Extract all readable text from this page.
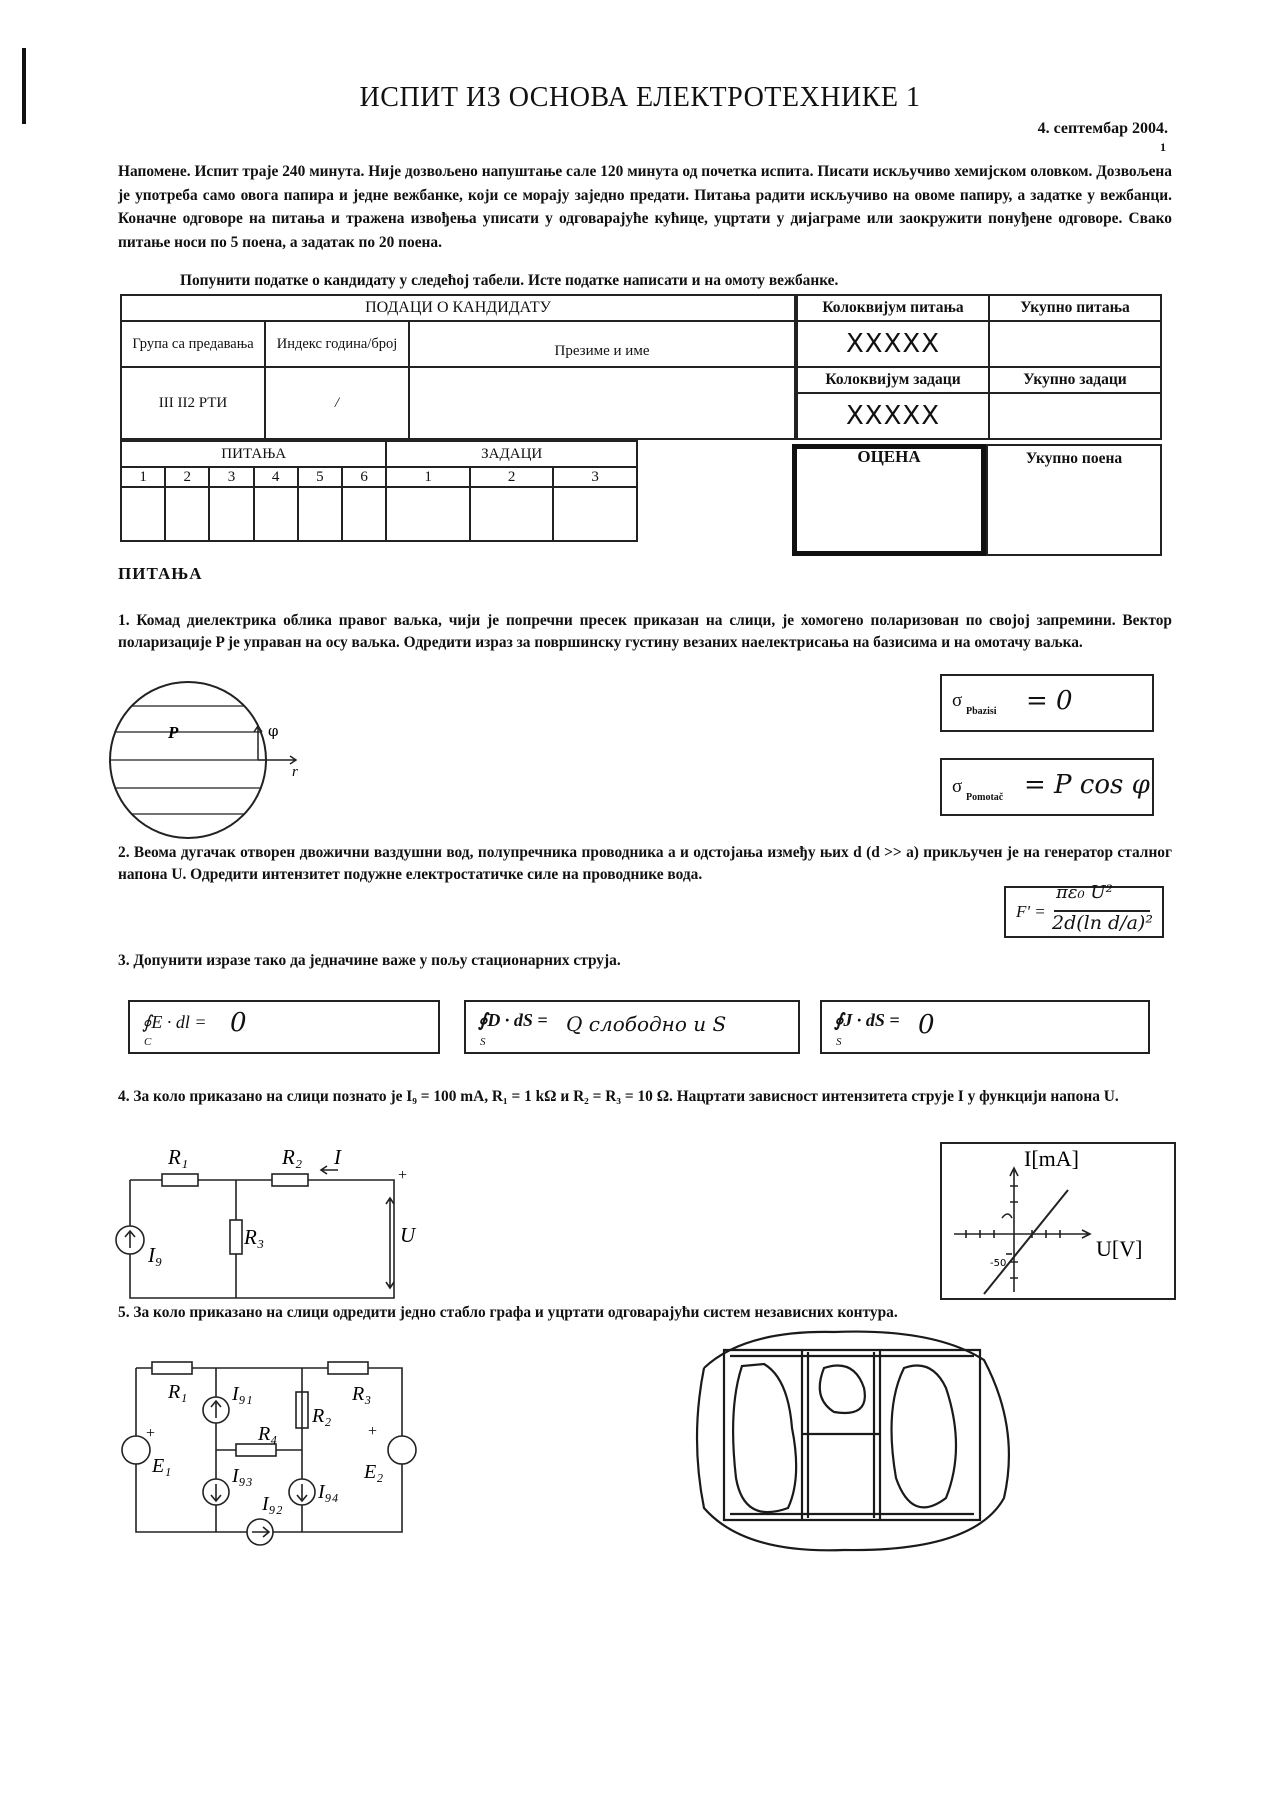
ИСПИТ ИЗ ОСНОВА ЕЛЕКТРОТЕХНИКЕ 1
4. септембар 2004.
1
Напомене. Испит траје 240 минута. Није дозвољено напуштање сале 120 минута од почетка испита. Писати искључиво хемијском оловком. Дозвољена је употреба само овога папира и једне вежбанке, који се морају заједно предати. Питања радити искључиво на овоме папиру, а задатке у вежбанци. Коначне одговоре на питања и тражена извођења уписати у одговарајуће кућице, уцртати у дијаграме или заокружити понуђене одговоре. Свако питање носи по 5 поена, а задатак по 20 поена.
Попунити податке о кандидату у следећој табели. Исте податке написати и на омоту вежбанке.
ПОДАЦИ О КАНДИДАТУ		
Група са предавања	Индекс година/број	Презиме и име
III II2 РТИ	/	
Колоквијум питања	Укупно питања
XXXXX	
Колоквијум задаци	Укупно задаци
XXXXX	
ПИТАЊА						ЗАДАЦИ		
1	2	3	4	5	6	1	2	3

ОЦЕНА	Укупно поена
ПИТАЊА
1. Комад диелектрика облика правог ваљка, чији је попречни пресек приказан на слици, је хомогено поларизован по својој запремини. Вектор поларизације P је управан на осу ваљка. Одредити израз за површинску густину везаних наелектрисања на базисима и на омотачу ваљка.
P	φ
r
σ
Pbazisi = 0
σ
Pomotač = P cos φ
2. Веома дугачак отворен двожични ваздушни вод, полупречника проводника a и одстојања између њих d (d >> a) прикључен је на генератор сталног напона U. Одредити интензитет подужне електростатичке силе на проводнике вода.
F' =
πε₀ U²
2d(ln d/a)²
3. Допунити изразе тако да једначине важе у пољу стационарних струја.
∮E · dl =
C
0	∮D · dS =
S
Q слободно u S	∮J · dS =
S
0
4. За коло приказано на слици познато је I₉ = 100 mA, R₁ = 1 kΩ и R₂ = R₃ = 10 Ω. Нацртати зависност интензитета струје I у функцији напона U.
R₁	R₂ I
R₃
I₉
U
+
I[mA]
U[V]
-50
5. За коло приказано на слици одредити једно стабло графа и уцртати одговарајући систем независних контура.
R₁ I₉₁
R₂
R₃
R₄
I₉₃
I₉₂
I₉₄
E₁	E₂
+	+
